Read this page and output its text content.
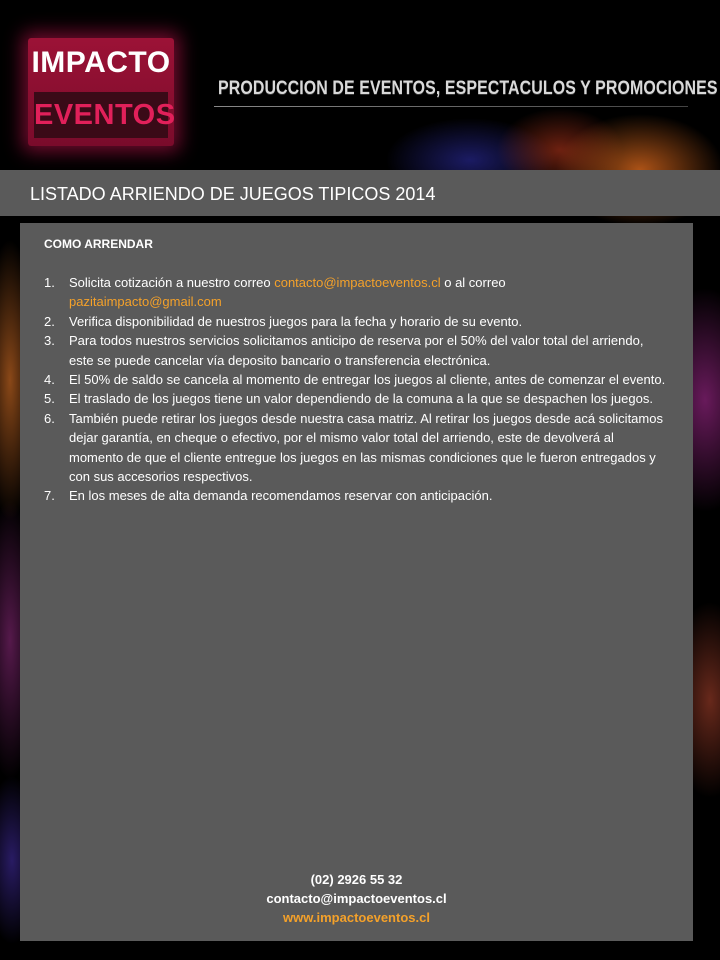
IMPACTO
EVENTOS
PRODUCCION DE EVENTOS, ESPECTACULOS Y PROMOCIONES
LISTADO ARRIENDO DE JUEGOS TIPICOS 2014
COMO ARRENDAR
1. Solicita cotización a nuestro correo contacto@impactoeventos.cl o al correo
pazitaimpacto@gmail.com
2. Verifica disponibilidad de nuestros juegos para la fecha y horario de su evento.
3. Para todos nuestros servicios solicitamos anticipo de reserva por el 50% del valor total del arriendo, este se puede cancelar vía deposito bancario o transferencia electrónica.
4. El 50% de saldo se cancela al momento de entregar los juegos al cliente, antes de comenzar el evento.
5. El traslado de los juegos tiene un valor dependiendo de la comuna a la que se despachen los juegos.
6. También puede retirar los juegos desde nuestra casa matriz. Al retirar los juegos desde acá solicitamos dejar garantía, en cheque o efectivo, por el mismo valor total del arriendo, este de devolverá al momento de que el cliente entregue los juegos en las mismas condiciones que le fueron entregados y con sus accesorios respectivos.
7. En los meses de alta demanda recomendamos reservar con anticipación.
(02) 2926 55 32
contacto@impactoeventos.cl
www.impactoeventos.cl
